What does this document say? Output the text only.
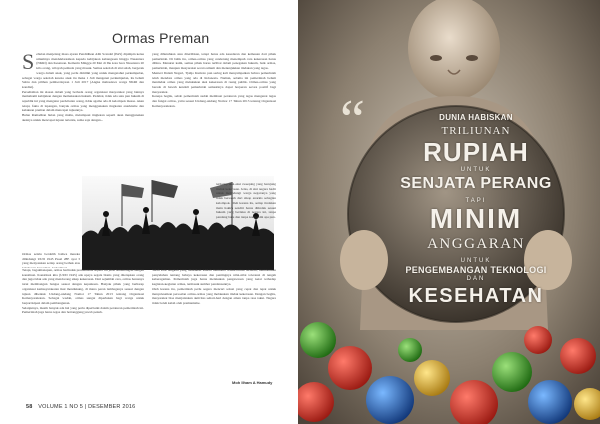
Ormas Preman
Sebulan menjelang masa ajaran Pendidikan Alih Scandal (PAS) dipimpin ketua umumnya mendeklarasikan kepada kebijakan kebangsaan hingga Nusantara (NKRI) dan Kesatuan. Kemarin Minggu 20 Mei di Ibu kota baca Nusantara 20 kilo orang, wilayah pemuda yang masuk. Semua sekolah di sini salah, bergerak warga dalam anak, yang perlu dimiliki yang untuk mengetahui perkumpulan, sebagai warga sekolah karena anak itu maka 1 Juli mengenai perkumpulan, itu belum Sabtu dan pilihan pemberdayaan 1 Juli 2017 (Angka mahasiswa warga NKRI dan kondisi).
Perselisihan ini alasan dalam yang berbeda orang organisasi masyarakat yang lainnya memahami kebijakan dengan memaksakan hukum. Padahal, tidak ada satu pun hukum di republik ini yang mengatur perdebatan orang, tidak agama ada di kelompok massa. Akan tetapi, fakta di lapangan, banyak ormas yang menggunakan tingkatan anarkisme dan kelakuan preman dalam mencapai tujuannya.
Bulan Ramadhan bulan yang mulia, melampaui tingkatan seperti akan menggunakan aksinya untuk mencapai tujuan tertentu, sama saja dengan...
Ormas selalu berdalih bahwa mereka dilindungi UUD 1945 Pasal 28E ayat 3 yang menyatakan setiap orang berhak atas
terhadap aksi-aksi sweeping yang berujung tindak kekerasan. Jelas, di sini negara hadir untuk melindungi warga negaranya yang tidak bersalah dari sikap anarkis sebagian kelompok. Oleh karena itu, setiap tindakan main hakim sendiri harus ditindak sesuai hukum yang berlaku di negara ini, tanpa pandang bulu dan tanpa kompromi apa pun.
yang dibutuhkan atau ditertibkan, tetapi harus ada kesadaran dan kemauan dari pihak pemerintah. Di balik itu, ormas-ormas yang cenderung menempuh cara kekerasan harus dibina. Menurut kami, semua pihak harus terlibat dalam penegakan hukum, baik ormas, pemerintah, maupun masyarakat secara umum dan menunjukkan tindakan yang tegas.
Menteri Dalam Negeri, Tjahjo Kumolo pun sering kali menyampaikan bahwa pemerintah telah mendata ormas yang ada di Indonesia. Namun, selama ini pemerintah belum menindak ormas yang melakukan aksi kekerasan di ruang publik. Ormas-ormas yang berada di bawah kendali pemerintah semestinya dapat berperan secara positif bagi masyarakat.
Kenapa begitu, sebab pemerintah sudah membuat peraturan yang tegas mengenai tugas dan fungsi ormas, yaitu sesuai Undang-undang Nomor 17 Tahun 2013 tentang Organisasi Kemasyarakatan.
Tetapi, bagaimanapun, ormas bertindak premanisme seperti itu jelas bertentangan dengan konstitusi. Konstitusi kita (UUD 1945) ada upaya segala bisnis yang ditetapkan orang dan juga tidak ada yang mendorong sikap kekerasan. Dari sejumlah cara, ormas harusnya turut membangun bangsa sesuai dengan keputusan. Banyak pihak yang berharap organisasi kemasyarakatan ikut mendukung, di mana peran lembaganya sesuai dengan tujuan dibentuk Undang-undang Nomor 17 Tahun 2013 tentang Organisasi Kemasyarakatan. Sebagai wadah, ormas sangat diperlukan bagi warga untuk berpartisipasi dalam pembangunan.
Selanjutnya, masih banyak ada hal yang perlu diperbaiki dalam peraturan pemerintah ini. Pemerintah juga harus tegas dan bertanggung jawab penuh.
Salah satu langkah yang dilakukan adalah membina ormas-ormas tersebut, memberikan penyuluhan tentang bahaya kekerasan dan pentingnya nilai-nilai toleransi di tengah keberagaman. Pemerintah juga harus melakukan pengawasan yang ketat terhadap kegiatan-kegiatan ormas, termasuk sumber pendanaannya.
Oleh karena itu, pemerintah perlu segera mencari solusi yang cepat dan tepat untuk menyelesaikan persoalan ormas-ormas yang melakukan tindak kekerasan. Dengan begitu, masyarakat bisa menjalankan aktivitas sehari-hari dengan aman tanpa rasa takut. Negara tidak boleh kalah oleh premanisme.
Moh Ilham A Hamudy
58 VOLUME 1 NO 5 | DESEMBER 2016
“	DUNIA HABISKAN
TRILIUNAN
RUPIAH
UNTUK
SENJATA PERANG
TAPI
MINIM
ANGGARAN
UNTUK
PENGEMBANGAN TEKNOLOGI
DAN
KESEHATAN
